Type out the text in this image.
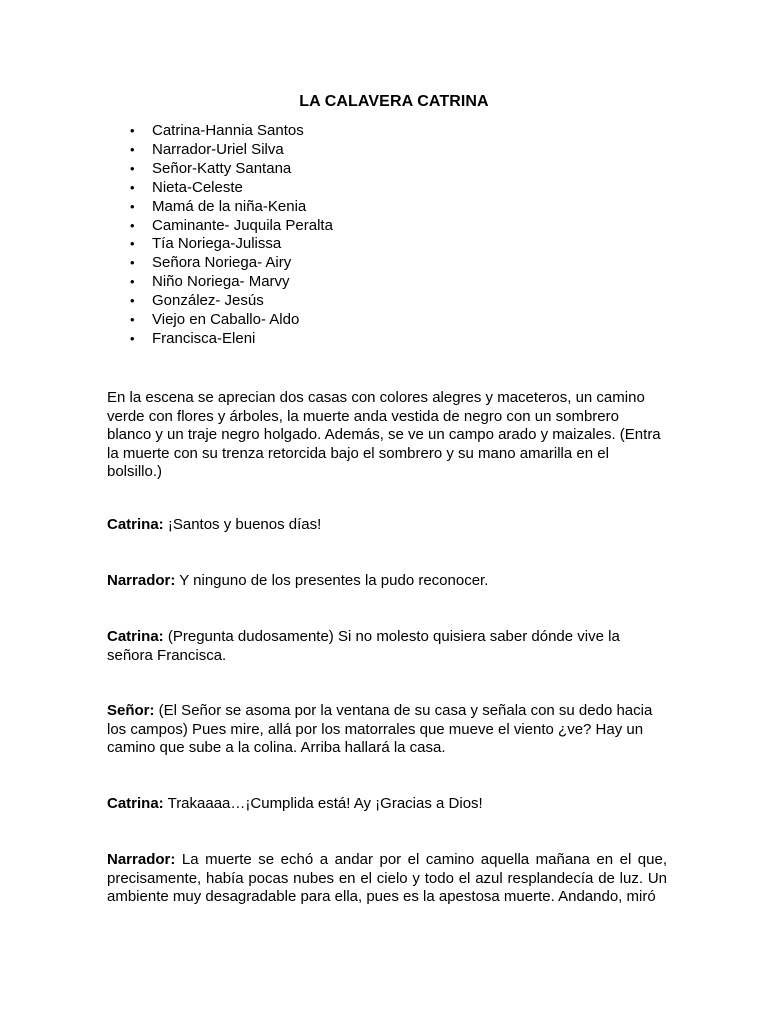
LA CALAVERA CATRINA
• Catrina-Hannia Santos
• Narrador-Uriel Silva
• Señor-Katty Santana
• Nieta-Celeste
• Mamá de la niña-Kenia
• Caminante- Juquila Peralta
• Tía Noriega-Julissa
• Señora Noriega- Airy
• Niño Noriega- Marvy
• González- Jesús
• Viejo en Caballo- Aldo
• Francisca-Eleni

En la escena se aprecian dos casas con colores alegres y maceteros, un camino verde con flores y árboles, la muerte anda vestida de negro con un sombrero blanco y un traje negro holgado. Además, se ve un campo arado y maizales. (Entra la muerte con su trenza retorcida bajo el sombrero y su mano amarilla en el bolsillo.)

Catrina: ¡Santos y buenos días!

Narrador: Y ninguno de los presentes la pudo reconocer.

Catrina: (Pregunta dudosamente) Si no molesto quisiera saber dónde vive la señora Francisca.

Señor: (El Señor se asoma por la ventana de su casa y señala con su dedo hacia los campos) Pues mire, allá por los matorrales que mueve el viento ¿ve? Hay un camino que sube a la colina. Arriba hallará la casa.

Catrina: Trakaaaa…¡Cumplida está! Ay ¡Gracias a Dios!

Narrador: La muerte se echó a andar por el camino aquella mañana en el que, precisamente, había pocas nubes en el cielo y todo el azul resplandecía de luz. Un ambiente muy desagradable para ella, pues es la apestosa muerte. Andando, miró
